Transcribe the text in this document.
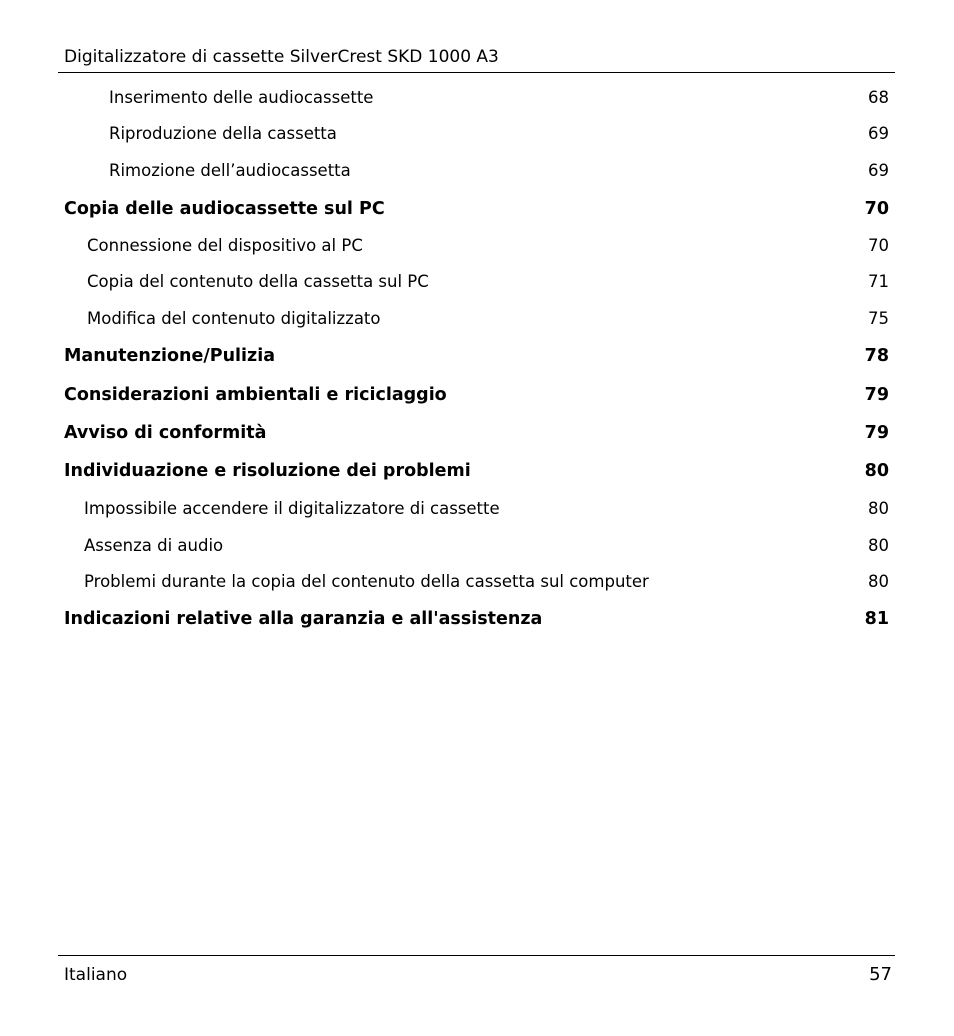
Digitalizzatore di cassette SilverCrest SKD 1000 A3
Inserimento delle audiocassette	68
Riproduzione della cassetta	69
Rimozione dell’audiocassetta	69
Copia delle audiocassette sul PC	70
Connessione del dispositivo al PC	70
Copia del contenuto della cassetta sul PC	71
Modifica del contenuto digitalizzato	75
Manutenzione/Pulizia	78
Considerazioni ambientali e riciclaggio	79
Avviso di conformità	79
Individuazione e risoluzione dei problemi	80
Impossibile accendere il digitalizzatore di cassette	80
Assenza di audio	80
Problemi durante la copia del contenuto della cassetta sul computer	80
Indicazioni relative alla garanzia e all'assistenza	81
Italiano	57
